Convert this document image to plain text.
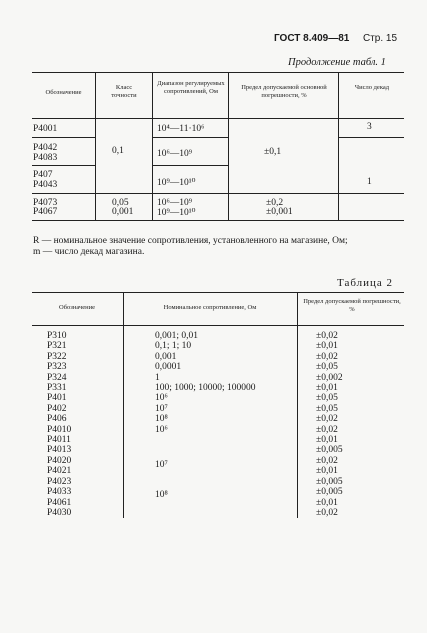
ГОСТ 8.409—81 Стр. 15
Продолжение табл. 1
Обозначение
Класс точности
Диапазон регулируемых сопротивлений, Ом
Предел допускаемой основной погрешности, %
Число декад
Р4001
Р4042
Р4083
Р407
Р4043
Р4073
Р4067
0,1
0,05
0,001
10⁴—11·10⁶
10⁶—10⁹
10⁹—10¹⁰
10⁶—10⁹
10⁹—10¹⁰
±0,1
±0,2
±0,001
3
1
R — номинальное значение сопротивления, установленного на магазине, Ом;
m — число декад магазина.
Таблица 2
Обозначение	Номинальное сопротивление, Ом
Предел допускаемой погрешности, %
Р310
Р321
Р322
Р323
Р324
Р331
Р401
Р402
Р406
Р4010
Р4011
Р4013
Р4020
Р4021
Р4023
Р4033
Р4061
Р4030
0,001; 0,01
0,1; 1; 10
0,001
0,0001
1
100; 1000; 10000; 100000
10⁶
10⁷
10⁸
10⁶
10⁷
10⁸
±0,02
±0,01
±0,02
±0,05
±0,002
±0,01
±0,05
±0,05
±0,02
±0,02
±0,01
±0,005
±0,02
±0,01
±0,005
±0,005
±0,01
±0,02
